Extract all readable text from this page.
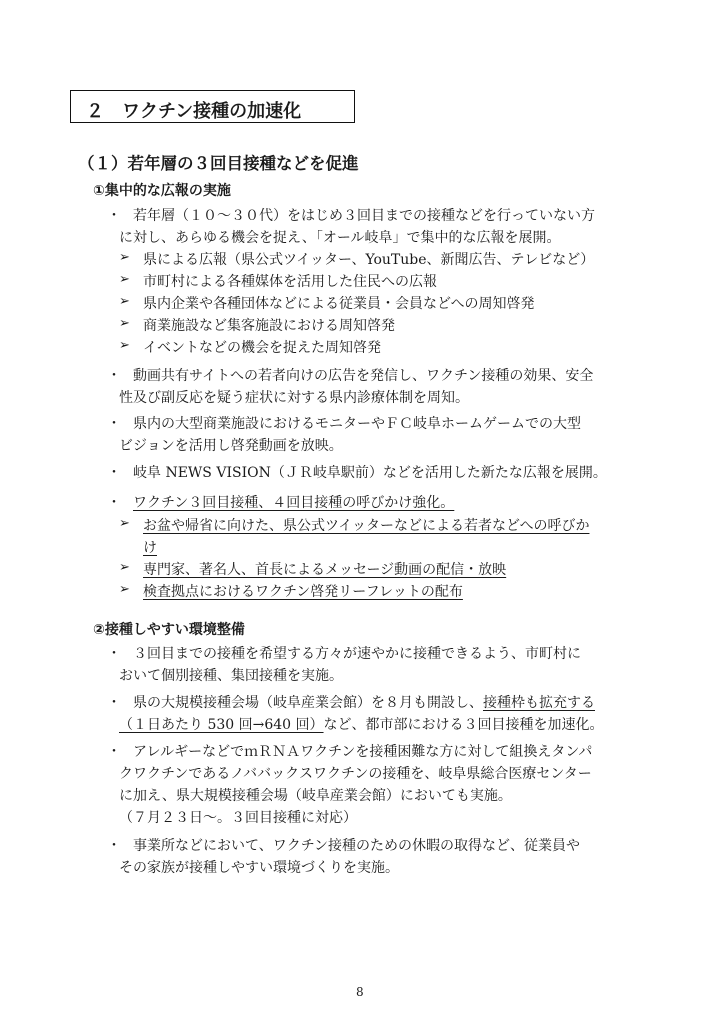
２　ワクチン接種の加速化
（１）若年層の３回目接種などを促進
①集中的な広報の実施
・ 若年層（１０～３０代）をはじめ３回目までの接種などを行っていない方
に対し、あらゆる機会を捉え、「オール岐阜」で集中的な広報を展開。
➢ 県による広報（県公式ツイッター、YouTube、新聞広告、テレビなど）
➢ 市町村による各種媒体を活用した住民への広報
➢ 県内企業や各種団体などによる従業員・会員などへの周知啓発
➢ 商業施設など集客施設における周知啓発
➢ イベントなどの機会を捉えた周知啓発
・ 動画共有サイトへの若者向けの広告を発信し、ワクチン接種の効果、安全
性及び副反応を疑う症状に対する県内診療体制を周知。
・ 県内の大型商業施設におけるモニターやＦＣ岐阜ホームゲームでの大型
ビジョンを活用し啓発動画を放映。
・ 岐阜 NEWS VISION（ＪＲ岐阜駅前）などを活用した新たな広報を展開。
・ ワクチン３回目接種、４回目接種の呼びかけ強化。
➢ お盆や帰省に向けた、県公式ツイッターなどによる若者などへの呼びか
け
➢ 専門家、著名人、首長によるメッセージ動画の配信・放映
➢ 検査拠点におけるワクチン啓発リーフレットの配布
②接種しやすい環境整備
・ ３回目までの接種を希望する方々が速やかに接種できるよう、市町村に
おいて個別接種、集団接種を実施。
・ 県の大規模接種会場（岐阜産業会館）を８月も開設し、接種枠も拡充する
（１日あたり 530 回→640 回）など、都市部における３回目接種を加速化。
・ アレルギーなどでｍＲＮＡワクチンを接種困難な方に対して組換えタンパ
クワクチンであるノババックスワクチンの接種を、岐阜県総合医療センター
に加え、県大規模接種会場（岐阜産業会館）においても実施。
（７月２３日～。３回目接種に対応）
・ 事業所などにおいて、ワクチン接種のための休暇の取得など、従業員や
その家族が接種しやすい環境づくりを実施。
8
